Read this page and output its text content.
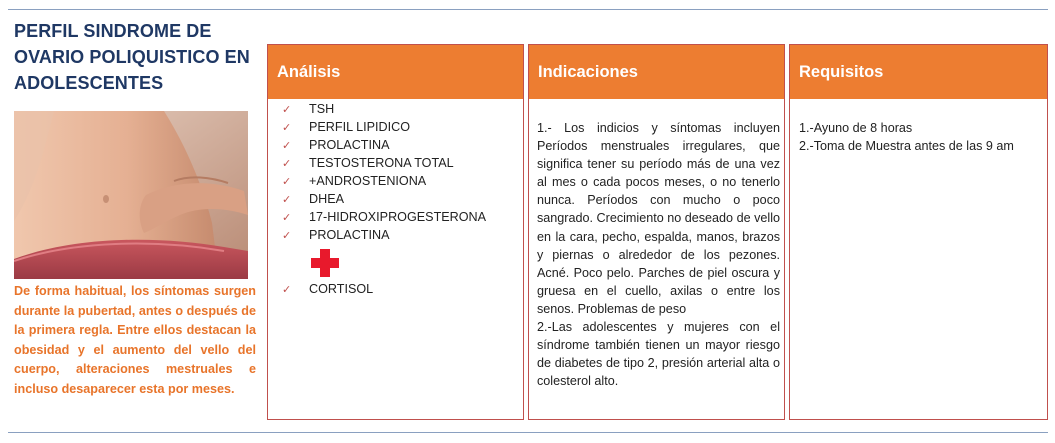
PERFIL SINDROME DE OVARIO POLIQUISTICO EN ADOLESCENTES

De forma habitual, los síntomas surgen durante la pubertad, antes o después de la primera regla. Entre ellos destacan la obesidad y el aumento del vello del cuerpo, alteraciones mestruales e incluso desaparecer esta por meses.

Análisis
✓ TSH
✓ PERFIL LIPIDICO
✓ PROLACTINA
✓ TESTOSTERONA TOTAL
✓ +ANDROSTENIONA
✓ DHEA
✓ 17-HIDROXIPROGESTERONA
✓ PROLACTINA
✓ CORTISOL
Indicaciones

1.- Los indicios y síntomas incluyen Períodos menstruales irregulares, que significa tener su período más de una vez al mes o cada pocos meses, o no tenerlo nunca. Períodos con mucho o poco sangrado. Crecimiento no deseado de vello en la cara, pecho, espalda, manos, brazos y piernas o alrededor de los pezones. Acné. Poco pelo. Parches de piel oscura y gruesa en el cuello, axilas o entre los senos. Problemas de peso

2.-Las adolescentes y mujeres con el síndrome también tienen un mayor riesgo de diabetes de tipo 2, presión arterial alta o colesterol alto.

Requisitos

1.-Ayuno de 8 horas

2.-Toma de Muestra antes de las 9 am
